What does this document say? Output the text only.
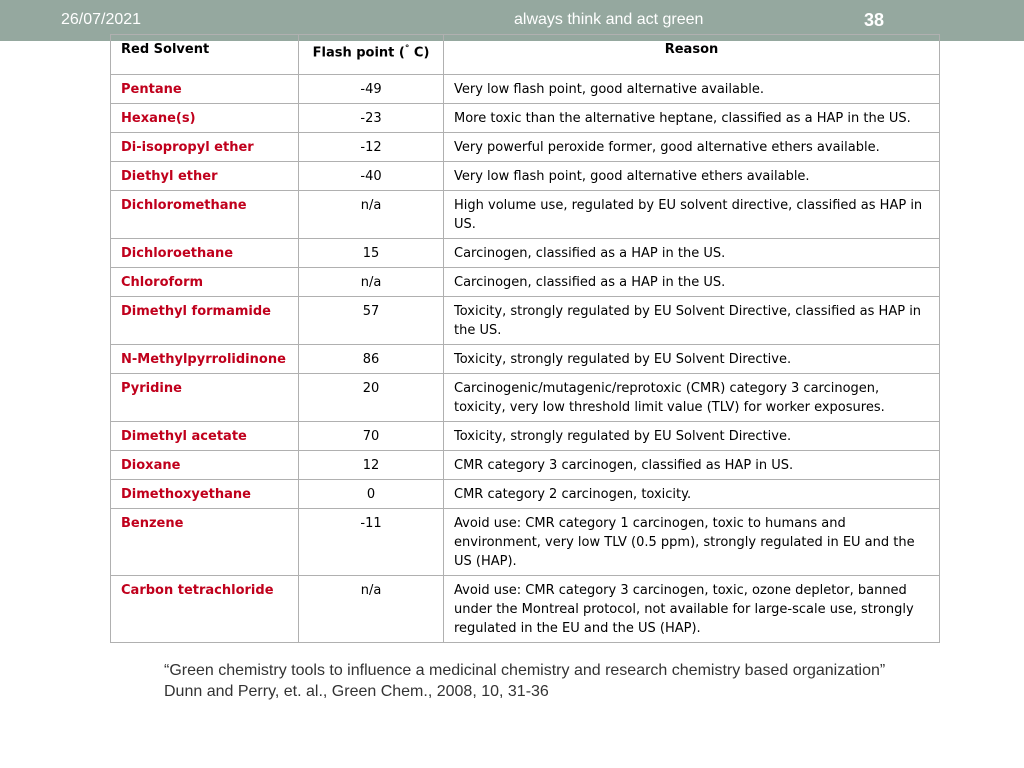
26/07/2021	always think and act green	38
Red Solvent	Flash point (° C)	Reason
Pentane	-49	Very low flash point, good alternative available.
Hexane(s)	-23	More toxic than the alternative heptane, classified as a HAP in the US.
Di-isopropyl ether	-12	Very powerful peroxide former, good alternative ethers available.
Diethyl ether	-40	Very low flash point, good alternative ethers available.
Dichloromethane	n/a	High volume use, regulated by EU solvent directive, classified as HAP in US.
Dichloroethane	15	Carcinogen, classified as a HAP in the US.
Chloroform	n/a	Carcinogen, classified as a HAP in the US.
Dimethyl formamide	57	Toxicity, strongly regulated by EU Solvent Directive, classified as HAP in the US.
N-Methylpyrrolidinone	86	Toxicity, strongly regulated by EU Solvent Directive.
Pyridine	20	Carcinogenic/mutagenic/reprotoxic (CMR) category 3 carcinogen, toxicity, very low threshold limit value (TLV) for worker exposures.
Dimethyl acetate	70	Toxicity, strongly regulated by EU Solvent Directive.
Dioxane	12	CMR category 3 carcinogen, classified as HAP in US.
Dimethoxyethane	0	CMR category 2 carcinogen, toxicity.
Benzene	-11	Avoid use: CMR category 1 carcinogen, toxic to humans and environment, very low TLV (0.5 ppm), strongly regulated in EU and the US (HAP).
Carbon tetrachloride	n/a	Avoid use: CMR category 3 carcinogen, toxic, ozone depletor, banned under the Montreal protocol, not available for large-scale use, strongly regulated in the EU and the US (HAP).
“Green chemistry tools to influence a medicinal chemistry and research chemistry based organization”
Dunn and Perry, et. al., Green Chem., 2008, 10, 31-36
